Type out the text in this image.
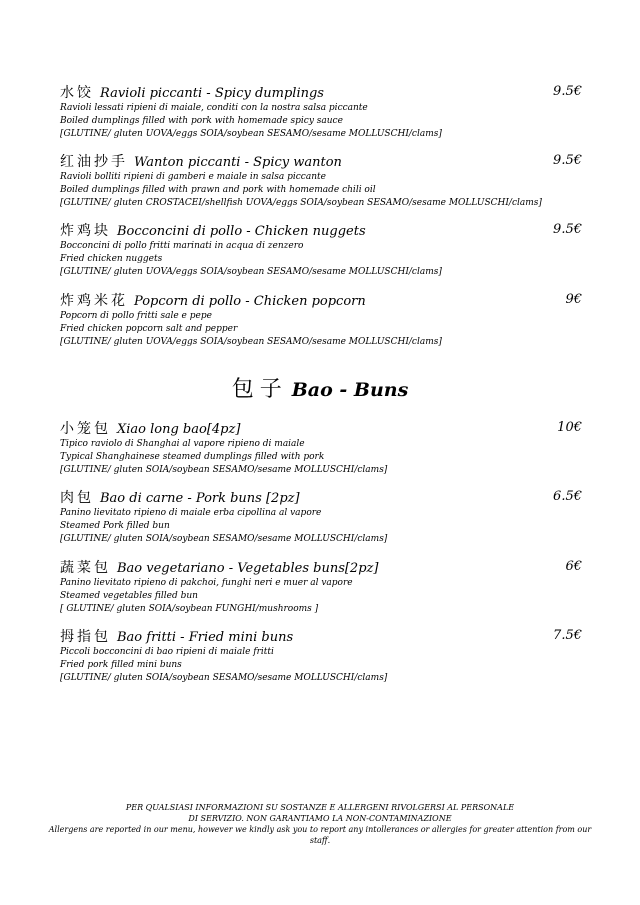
水饺 Ravioli piccanti - Spicy dumplings	9.5€
Ravioli lessati ripieni di maiale, conditi con la nostra salsa piccante
Boiled dumplings filled with pork with homemade spicy sauce
[GLUTINE/ gluten UOVA/eggs SOIA/soybean SESAMO/sesame MOLLUSCHI/clams]
红油抄手 Wanton piccanti - Spicy wanton	9.5€
Ravioli bolliti ripieni di gamberi e maiale in salsa piccante
Boiled dumplings filled with prawn and pork with homemade chili oil
[GLUTINE/ gluten CROSTACEI/shellfish UOVA/eggs SOIA/soybean SESAMO/sesame MOLLUSCHI/clams]
炸鸡块 Bocconcini di pollo - Chicken nuggets	9.5€
Bocconcini di pollo fritti marinati in acqua di zenzero
Fried chicken nuggets
[GLUTINE/ gluten UOVA/eggs SOIA/soybean SESAMO/sesame MOLLUSCHI/clams]
炸鸡米花 Popcorn di pollo - Chicken popcorn	9€
Popcorn di pollo fritti sale e pepe
Fried chicken popcorn salt and pepper
[GLUTINE/ gluten UOVA/eggs SOIA/soybean SESAMO/sesame MOLLUSCHI/clams]
包子 Bao - Buns
小笼包 Xiao long bao[4pz]	10€
Tipico raviolo di Shanghai al vapore ripieno di maiale
Typical Shanghainese steamed dumplings filled with pork
[GLUTINE/ gluten SOIA/soybean SESAMO/sesame MOLLUSCHI/clams]
肉包 Bao di carne - Pork buns [2pz]	6.5€
Panino lievitato ripieno di maiale erba cipollina al vapore
Steamed Pork filled bun
[GLUTINE/ gluten SOIA/soybean SESAMO/sesame MOLLUSCHI/clams]
蔬菜包 Bao vegetariano - Vegetables buns[2pz]	6€
Panino lievitato ripieno di pakchoi, funghi neri e muer al vapore
Steamed vegetables filled bun
[ GLUTINE/ gluten SOIA/soybean FUNGHI/mushrooms ]
拇指包 Bao fritti - Fried mini buns	7.5€
Piccoli bocconcini di bao ripieni di maiale fritti
Fried pork filled mini buns
[GLUTINE/ gluten SOIA/soybean SESAMO/sesame MOLLUSCHI/clams]
PER QUALSIASI INFORMAZIONI SU SOSTANZE E ALLERGENI RIVOLGERSI AL PERSONALE
DI SERVIZIO. NON GARANTIAMO LA NON-CONTAMINAZIONE
Allergens are reported in our menu, however we kindly ask you to report any intollerances or allergies for greater attention from our
staff.
